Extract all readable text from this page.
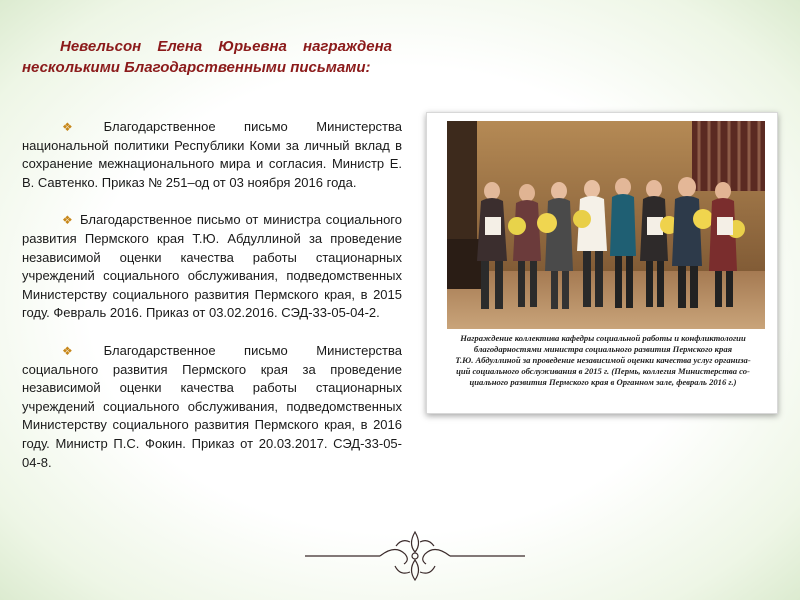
Невельсон Елена Юрьевна награждена несколькими Благодарственными письмами:

❖ Благодарственное письмо Министерства национальной политики Республики Коми за личный вклад в сохранение межнационального мира и согласия. Министр Е. В. Савтенко. Приказ № 251–од от 03 ноября 2016 года.

❖ Благодарственное письмо от министра социального развития Пермского края Т.Ю. Абдуллиной за проведение независимой оценки качества работы стационарных учреждений социального обслуживания, подведомственных Министерству социального развития Пермского края, в 2015 году. Февраль 2016. Приказ от 03.02.2016. СЭД-33-05-04-2.

❖ Благодарственное письмо Министерства социального развития Пермского края за проведение независимой оценки качества работы стационарных учреждений социального обслуживания, подведомственных Министерству социального развития Пермского края, в 2016 году. Министр П.С. Фокин. Приказ от 20.03.2017. СЭД-33-05-04-8.

Награждение коллектива кафедры социальной работы и конфликтологии
благодарностями министра социального развития Пермского края
Т.Ю. Абдуллиной за проведение независимой оценки качества услуг организа-
ций социального обслуживания в 2015 г. (Пермь, коллегия Министерства со-
циального развития Пермского края в Органном зале, февраль 2016 г.)
